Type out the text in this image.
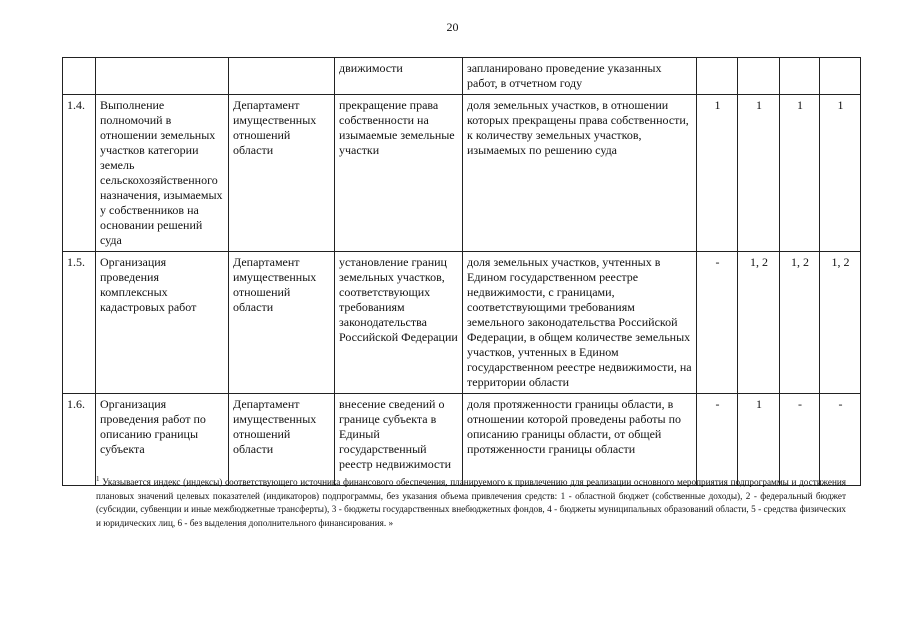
20
			движимости	запланировано проведение указанных работ, в отчетном году				
1.4.	Выполнение полномочий в отношении земельных участков категории земель сельскохозяйственного назначения, изымаемых у собственников на основании решений суда	Департамент имущественных отношений области	прекращение права собственности на изымаемые земельные участки	доля земельных участков, в отношении которых прекращены права собственности, к количеству земельных участков, изымаемых по решению суда	1	1	1	1
1.5.	Организация проведения комплексных кадастровых работ	Департамент имущественных отношений области	установление границ земельных участков, соответствующих требованиям законодательства Российской Федерации	доля земельных участков, учтенных в Едином государственном реестре недвижимости, с границами, соответствующими требованиям земельного законодательства Российской Федерации, в общем количестве земельных участков, учтенных в Едином государственном реестре недвижимости, на территории области	-	1, 2	1, 2	1, 2
1.6.	Организация проведения работ по описанию границы субъекта	Департамент имущественных отношений области	внесение сведений о границе субъекта в Единый государственный реестр недвижимости	доля протяженности границы области, в отношении которой проведены работы по описанию границы области, от общей протяженности границы области	-	1	-	-
$^1$ Указывается индекс (индексы) соответствующего источника финансового обеспечения, планируемого к привлечению для реализации основного мероприятия подпрограммы и достижения плановых значений целевых показателей (индикаторов) подпрограммы, без указания объема привлечения средств: 1 - областной бюджет (собственные доходы), 2 - федеральный бюджет (субсидии, субвенции и иные межбюджетные трансферты), 3 - бюджеты государственных внебюджетных фондов, 4 - бюджеты муниципальных образований области, 5 - средства физических и юридических лиц, 6 - без выделения дополнительного финансирования. »
